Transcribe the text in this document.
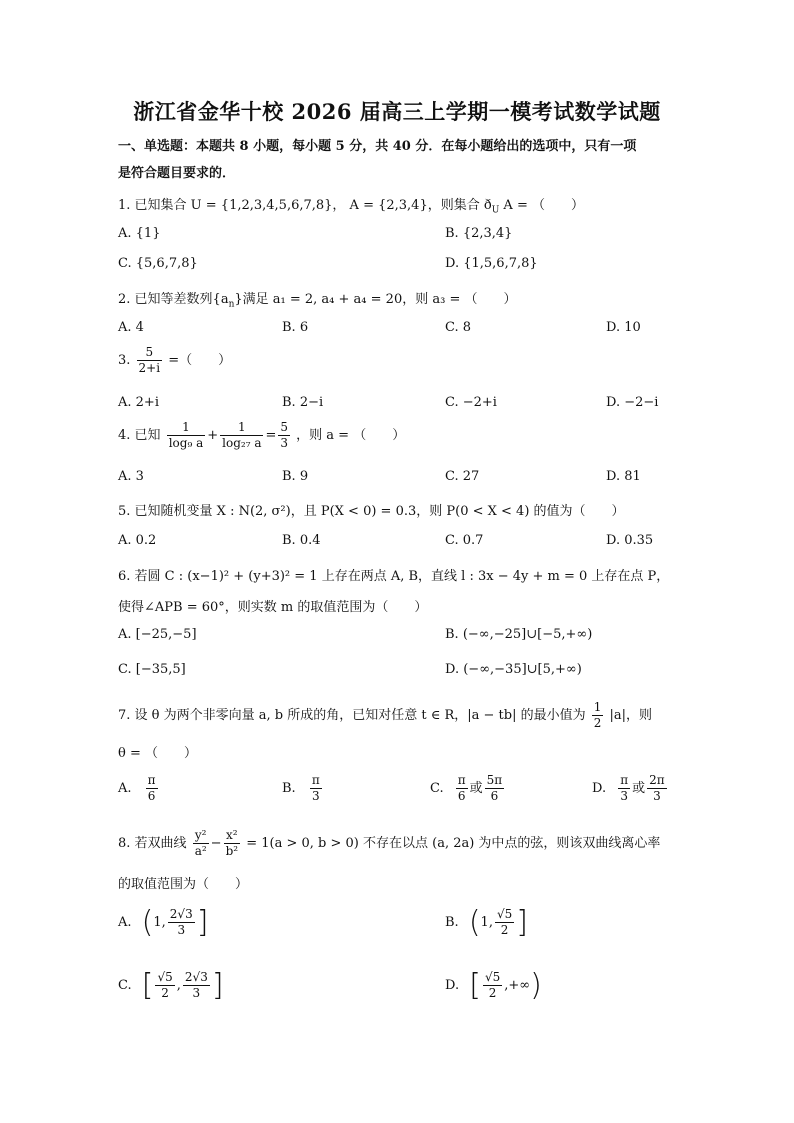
浙江省金华十校 2026 届高三上学期一模考试数学试题
一、单选题：本题共 8 小题，每小题 5 分，共 40 分．在每小题给出的选项中，只有一项
是符合题目要求的．
1. 已知集合 U = {1,2,3,4,5,6,7,8}， A = {2,3,4}，则集合 $ð_U$ A = （　　）
A. {1}	B. {2,3,4}
C. {5,6,7,8}	D. {1,5,6,7,8}
2. 已知等差数列$\{a_n\}$满足 a₁ = 2, a₄ + a₄ = 20，则 a₃ = （　　）
A. 4	B. 6	C. 8	D. 10
3. $\frac{5}{2+i}$ =（　　）
A. 2+i	B. 2−i	C. −2+i	D. −2−i
4. 已知 $\frac{1}{\text{log₉ a}} + \frac{1}{\text{log₂₇ a}} = \frac{5}{3}$ ，则 a = （　　）
A. 3	B. 9	C. 27	D. 81
5. 已知随机变量 X : N(2, σ²)，且 P(X < 0) = 0.3，则 P(0 < X < 4) 的值为（　　）
A. 0.2	B. 0.4	C. 0.7	D. 0.35
6. 若圆 C : (x−1)² + (y+3)² = 1 上存在两点 A, B，直线 l : 3x − 4y + m = 0 上存在点 P，
使得∠APB = 60°，则实数 m 的取值范围为（　　）
A. [−25,−5]	B. (−∞,−25]∪[−5,+∞)
C. [−35,5]	D. (−∞,−35]∪[5,+∞)
7. 设 θ 为两个非零向量 a, b 所成的角，已知对任意 t ∈ R，|a − tb| 的最小值为 $\frac{1}{2} |a|$，则
θ = （　　）
A. $\frac{\pi}{6}$	B. $\frac{\pi}{3}$	C. $\frac{\pi}{6}$ 或 $\frac{5\pi}{6}$	D. $\frac{\pi}{3}$ 或 $\frac{2\pi}{3}$
8. 若双曲线 $\frac{\text{y²}}{\text{a²}} - \frac{\text{x²}}{\text{b²}} = 1(a > 0$, b > 0) 不存在以点 (a, 2a) 为中点的弦，则该双曲线离心率
的取值范围为（　　）
A. (1, $\frac{2√3}{3}$ ]	B. (1, $\frac{√5}{2}$ ]
C. [ $\frac{√5}{2}$ , $\frac{2√3}{3}$ ]	D. [ $\frac{√5}{2}$ ,+∞)
